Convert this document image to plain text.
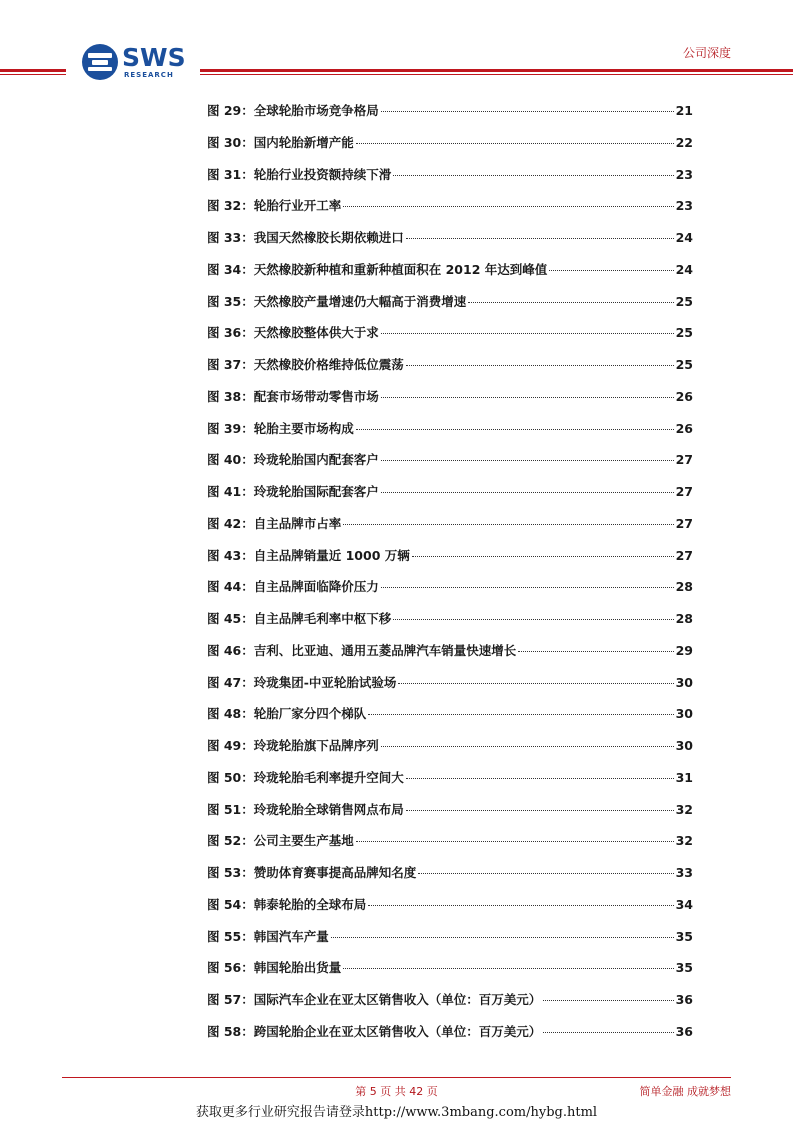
SWS
RESEARCH
公司深度
图 29：全球轮胎市场竞争格局	21
图 30：国内轮胎新增产能	22
图 31：轮胎行业投资额持续下滑	23
图 32：轮胎行业开工率	23
图 33：我国天然橡胶长期依赖进口	24
图 34：天然橡胶新种植和重新种植面积在 2012 年达到峰值	24
图 35：天然橡胶产量增速仍大幅高于消费增速	25
图 36：天然橡胶整体供大于求	25
图 37：天然橡胶价格维持低位震荡	25
图 38：配套市场带动零售市场	26
图 39：轮胎主要市场构成	26
图 40：玲珑轮胎国内配套客户	27
图 41：玲珑轮胎国际配套客户	27
图 42：自主品牌市占率	27
图 43：自主品牌销量近 1000 万辆	27
图 44：自主品牌面临降价压力	28
图 45：自主品牌毛利率中枢下移	28
图 46：吉利、比亚迪、通用五菱品牌汽车销量快速增长	29
图 47：玲珑集团-中亚轮胎试验场	30
图 48：轮胎厂家分四个梯队	30
图 49：玲珑轮胎旗下品牌序列	30
图 50：玲珑轮胎毛利率提升空间大	31
图 51：玲珑轮胎全球销售网点布局	32
图 52：公司主要生产基地	32
图 53：赞助体育赛事提高品牌知名度	33
图 54：韩泰轮胎的全球布局	34
图 55：韩国汽车产量	35
图 56：韩国轮胎出货量	35
图 57：国际汽车企业在亚太区销售收入（单位：百万美元）	36
图 58：跨国轮胎企业在亚太区销售收入（单位：百万美元）	36
第 5 页 共 42 页	简单金融 成就梦想
获取更多行业研究报告请登录http://www.3mbang.com/hybg.html
